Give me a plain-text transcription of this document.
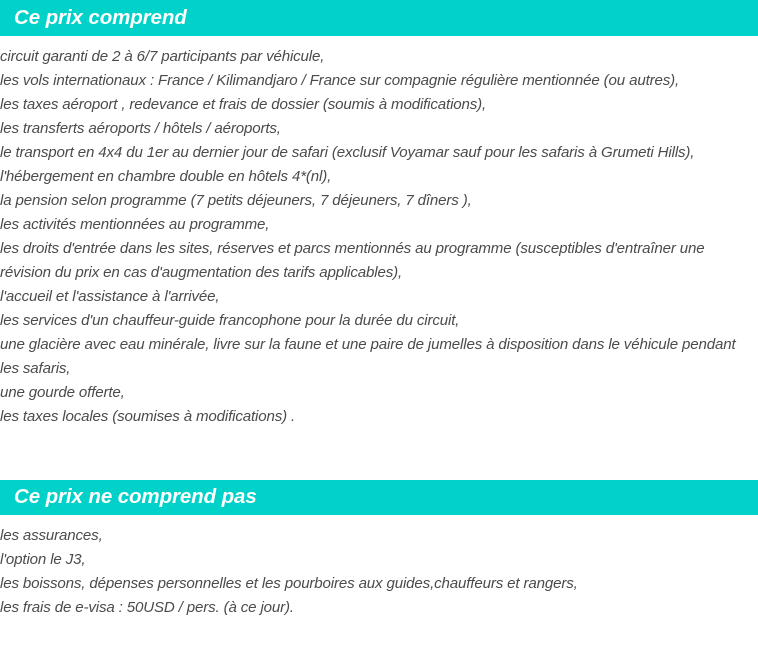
Ce prix comprend
circuit garanti de 2 à 6/7 participants par véhicule,
les vols internationaux : France / Kilimandjaro / France sur compagnie régulière mentionnée (ou autres),
les taxes aéroport , redevance et frais de dossier (soumis à modifications),
les transferts aéroports / hôtels / aéroports,
le transport en 4x4 du 1er au dernier jour de safari (exclusif Voyamar sauf pour les safaris à Grumeti Hills),
l'hébergement en chambre double en hôtels 4*(nl),
la pension selon programme (7 petits déjeuners, 7 déjeuners, 7 dîners ),
les activités mentionnées au programme,
les droits d'entrée dans les sites, réserves et parcs mentionnés au programme (susceptibles d'entraîner une révision du prix en cas d'augmentation des tarifs applicables),
l'accueil et l'assistance à l'arrivée,
les services d'un chauffeur-guide francophone pour la durée du circuit,
une glacière avec eau minérale, livre sur la faune et une paire de jumelles à disposition dans le véhicule pendant les safaris,
une gourde offerte,
les taxes locales (soumises à modifications) .
Ce prix ne comprend pas
les assurances,
l'option le J3,
les boissons, dépenses personnelles et les pourboires aux guides,chauffeurs et rangers,
les frais de e-visa : 50USD / pers. (à ce jour).
